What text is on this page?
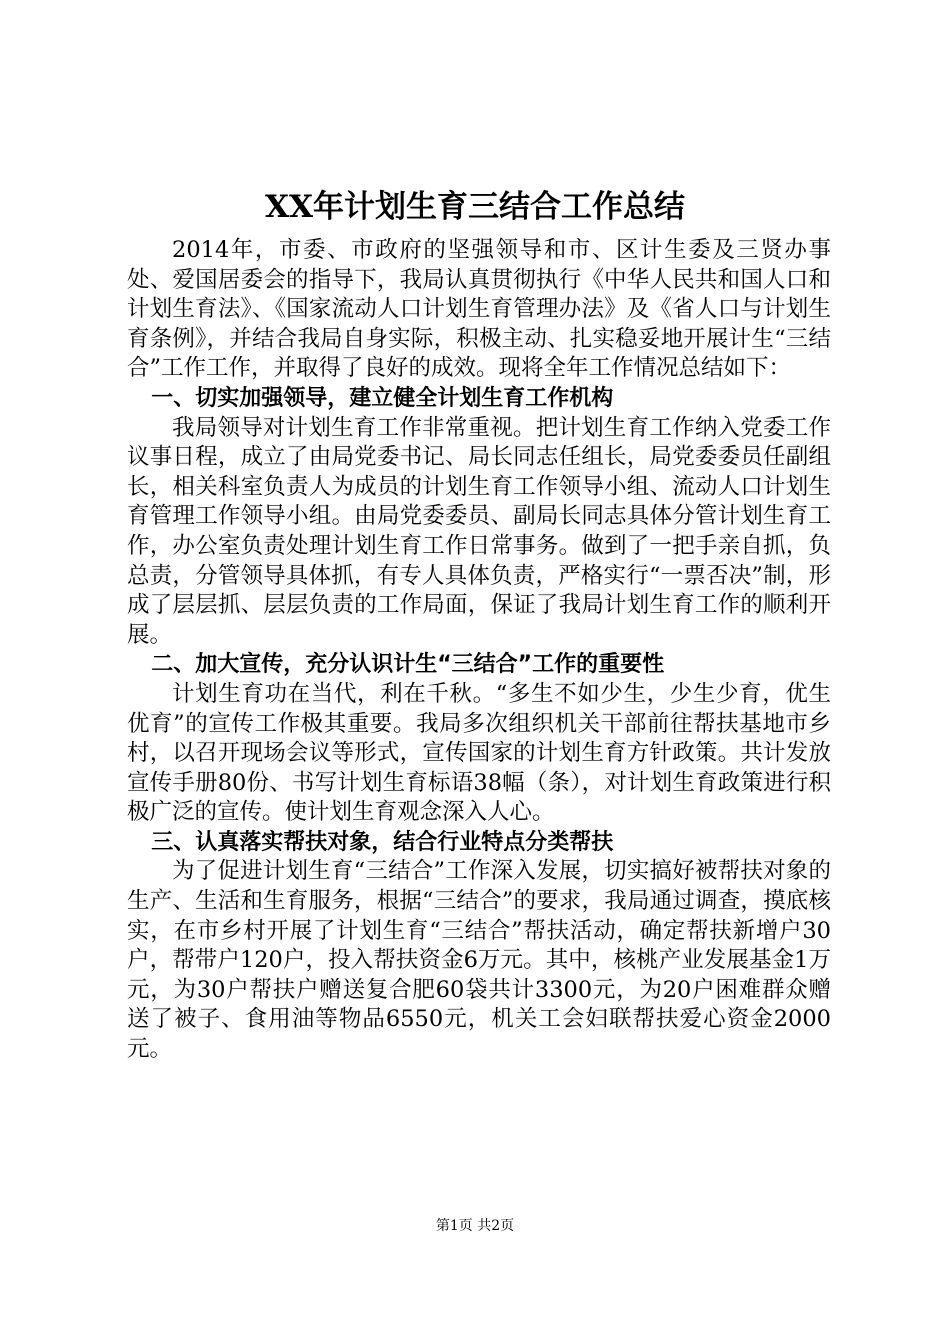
XX年计划生育三结合工作总结

2014年，市委、市政府的坚强领导和市、区计生委及三贤办事处、爱国居委会的指导下，我局认真贯彻执行《中华人民共和国人口和计划生育法》、《国家流动人口计划生育管理办法》及《省人口与计划生育条例》，并结合我局自身实际，积极主动、扎实稳妥地开展计生“三结合”工作工作，并取得了良好的成效。现将全年工作情况总结如下：

一、切实加强领导，建立健全计划生育工作机构

我局领导对计划生育工作非常重视。把计划生育工作纳入党委工作议事日程，成立了由局党委书记、局长同志任组长，局党委委员任副组长，相关科室负责人为成员的计划生育工作领导小组、流动人口计划生育管理工作领导小组。由局党委委员、副局长同志具体分管计划生育工作，办公室负责处理计划生育工作日常事务。做到了一把手亲自抓，负总责，分管领导具体抓，有专人具体负责，严格实行“一票否决”制，形成了层层抓、层层负责的工作局面，保证了我局计划生育工作的顺利开展。

二、加大宣传，充分认识计生“三结合”工作的重要性

计划生育功在当代，利在千秋。“多生不如少生，少生少育，优生优育”的宣传工作极其重要。我局多次组织机关干部前往帮扶基地市乡村，以召开现场会议等形式，宣传国家的计划生育方针政策。共计发放宣传手册80份、书写计划生育标语38幅（条），对计划生育政策进行积极广泛的宣传。使计划生育观念深入人心。

三、认真落实帮扶对象，结合行业特点分类帮扶

为了促进计划生育“三结合”工作深入发展，切实搞好被帮扶对象的生产、生活和生育服务，根据“三结合”的要求，我局通过调查，摸底核实，在市乡村开展了计划生育“三结合”帮扶活动，确定帮扶新增户30户，帮带户120户，投入帮扶资金6万元。其中，核桃产业发展基金1万元，为30户帮扶户赠送复合肥60袋共计3300元，为20户困难群众赠送了被子、食用油等物品6550元，机关工会妇联帮扶爱心资金2000元。

第1页 共2页
